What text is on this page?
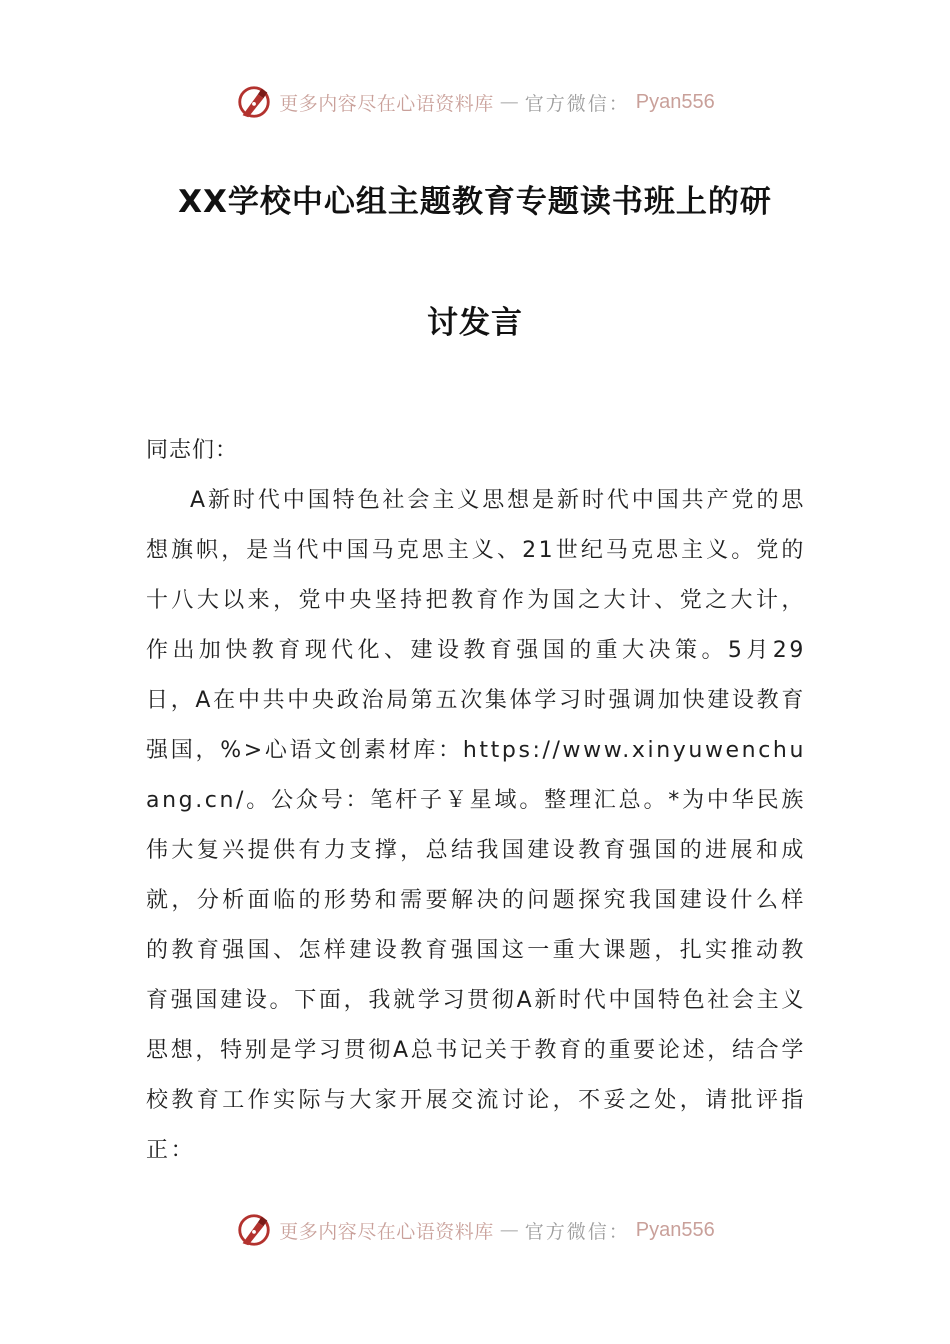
更多内容尽在心语资料库 — 官方微信： Pyan556
XX学校中心组主题教育专题读书班上的研
讨发言

同志们：

A新时代中国特色社会主义思想是新时代中国共产党的思想旗帜，是当代中国马克思主义、21世纪马克思主义。党的十八大以来，党中央坚持把教育作为国之大计、党之大计，作出加快教育现代化、建设教育强国的重大决策。5月29日，A在中共中央政治局第五次集体学习时强调加快建设教育强国，%>心语文创素材库：https://www.xinyuwenchuang.cn/。公众号：笔杆子￥星域。整理汇总。*为中华民族伟大复兴提供有力支撑，总结我国建设教育强国的进展和成就，分析面临的形势和需要解决的问题探究我国建设什么样的教育强国、怎样建设教育强国这一重大课题，扎实推动教育强国建设。下面，我就学习贯彻A新时代中国特色社会主义思想，特别是学习贯彻A总书记关于教育的重要论述，结合学校教育工作实际与大家开展交流讨论，不妥之处，请批评指正：

更多内容尽在心语资料库 — 官方微信： Pyan556
